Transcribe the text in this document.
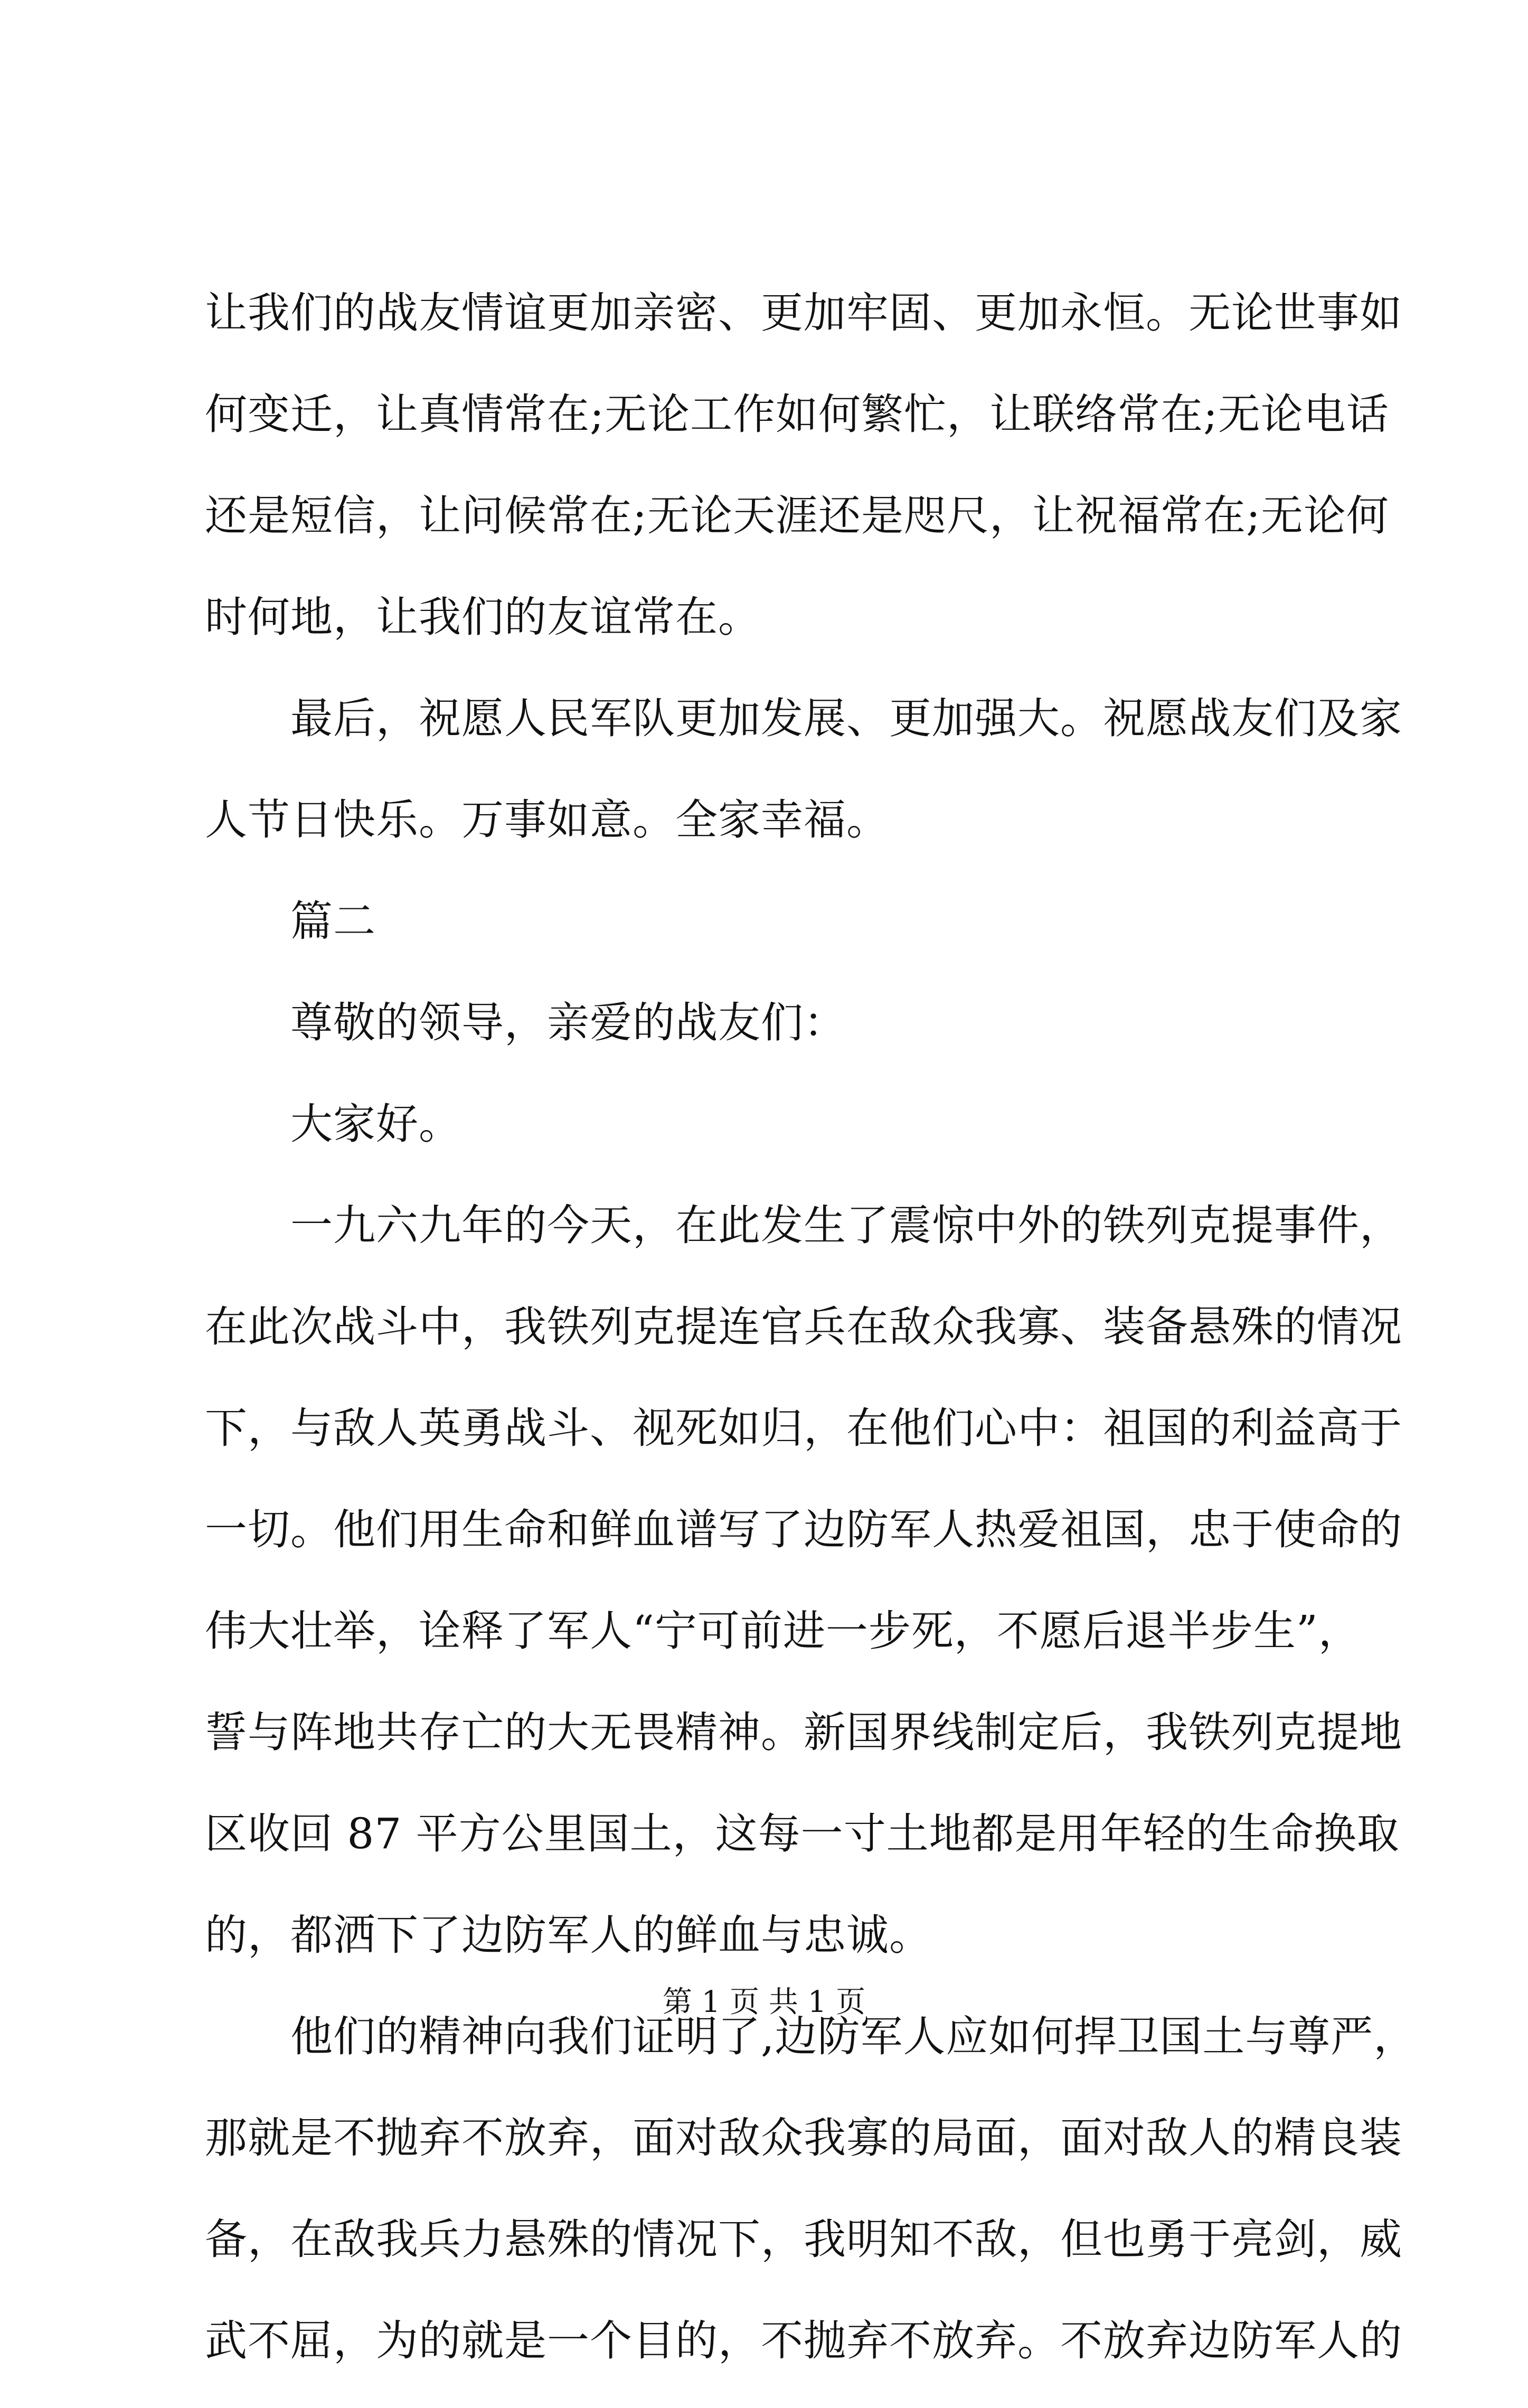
让我们的战友情谊更加亲密、更加牢固、更加永恒。无论世事如
何变迁，让真情常在;无论工作如何繁忙，让联络常在;无论电话
还是短信，让问候常在;无论天涯还是咫尺，让祝福常在;无论何
时何地，让我们的友谊常在。
最后，祝愿人民军队更加发展、更加强大。祝愿战友们及家
人节日快乐。万事如意。全家幸福。
篇二
尊敬的领导，亲爱的战友们：
大家好。
一九六九年的今天，在此发生了震惊中外的铁列克提事件，
在此次战斗中，我铁列克提连官兵在敌众我寡、装备悬殊的情况
下，与敌人英勇战斗、视死如归，在他们心中：祖国的利益高于
一切。他们用生命和鲜血谱写了边防军人热爱祖国，忠于使命的
伟大壮举，诠释了军人“宁可前进一步死，不愿后退半步生”，
誓与阵地共存亡的大无畏精神。新国界线制定后，我铁列克提地
区收回 87 平方公里国土，这每一寸土地都是用年轻的生命换取
的，都洒下了边防军人的鲜血与忠诚。
他们的精神向我们证明了,边防军人应如何捍卫国土与尊严，
那就是不抛弃不放弃，面对敌众我寡的局面，面对敌人的精良装
备，在敌我兵力悬殊的情况下，我明知不敌，但也勇于亮剑，威
武不屈，为的就是一个目的，不抛弃不放弃。不放弃边防军人的
第 1 页 共 1 页
